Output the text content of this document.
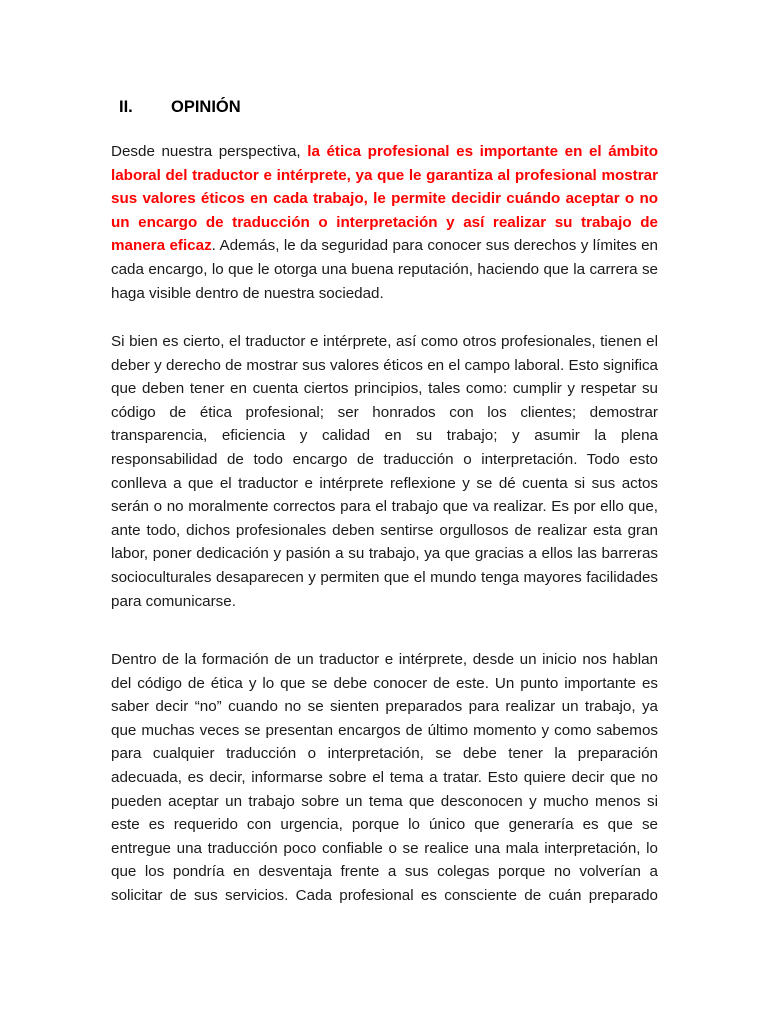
II. OPINIÓN

Desde nuestra perspectiva, la ética profesional es importante en el ámbito laboral del traductor e intérprete, ya que le garantiza al profesional mostrar sus valores éticos en cada trabajo, le permite decidir cuándo aceptar o no un encargo de traducción o interpretación y así realizar su trabajo de manera eficaz. Además, le da seguridad para conocer sus derechos y límites en cada encargo, lo que le otorga una buena reputación, haciendo que la carrera se haga visible dentro de nuestra sociedad.

Si bien es cierto, el traductor e intérprete, así como otros profesionales, tienen el deber y derecho de mostrar sus valores éticos en el campo laboral. Esto significa que deben tener en cuenta ciertos principios, tales como: cumplir y respetar su código de ética profesional; ser honrados con los clientes; demostrar transparencia, eficiencia y calidad en su trabajo; y asumir la plena responsabilidad de todo encargo de traducción o interpretación. Todo esto conlleva a que el traductor e intérprete reflexione y se dé cuenta si sus actos serán o no moralmente correctos para el trabajo que va realizar. Es por ello que, ante todo, dichos profesionales deben sentirse orgullosos de realizar esta gran labor, poner dedicación y pasión a su trabajo, ya que gracias a ellos las barreras socioculturales desaparecen y permiten que el mundo tenga mayores facilidades para comunicarse.

Dentro de la formación de un traductor e intérprete, desde un inicio nos hablan del código de ética y lo que se debe conocer de este. Un punto importante es saber decir “no” cuando no se sienten preparados para realizar un trabajo, ya que muchas veces se presentan encargos de último momento y como sabemos para cualquier traducción o interpretación, se debe tener la preparación adecuada, es decir, informarse sobre el tema a tratar. Esto quiere decir que no pueden aceptar un trabajo sobre un tema que desconocen y mucho menos si este es requerido con urgencia, porque lo único que generaría es que se entregue una traducción poco confiable o se realice una mala interpretación, lo que los pondría en desventaja frente a sus colegas porque no volverían a solicitar de sus servicios. Cada profesional es consciente de cuán preparado
